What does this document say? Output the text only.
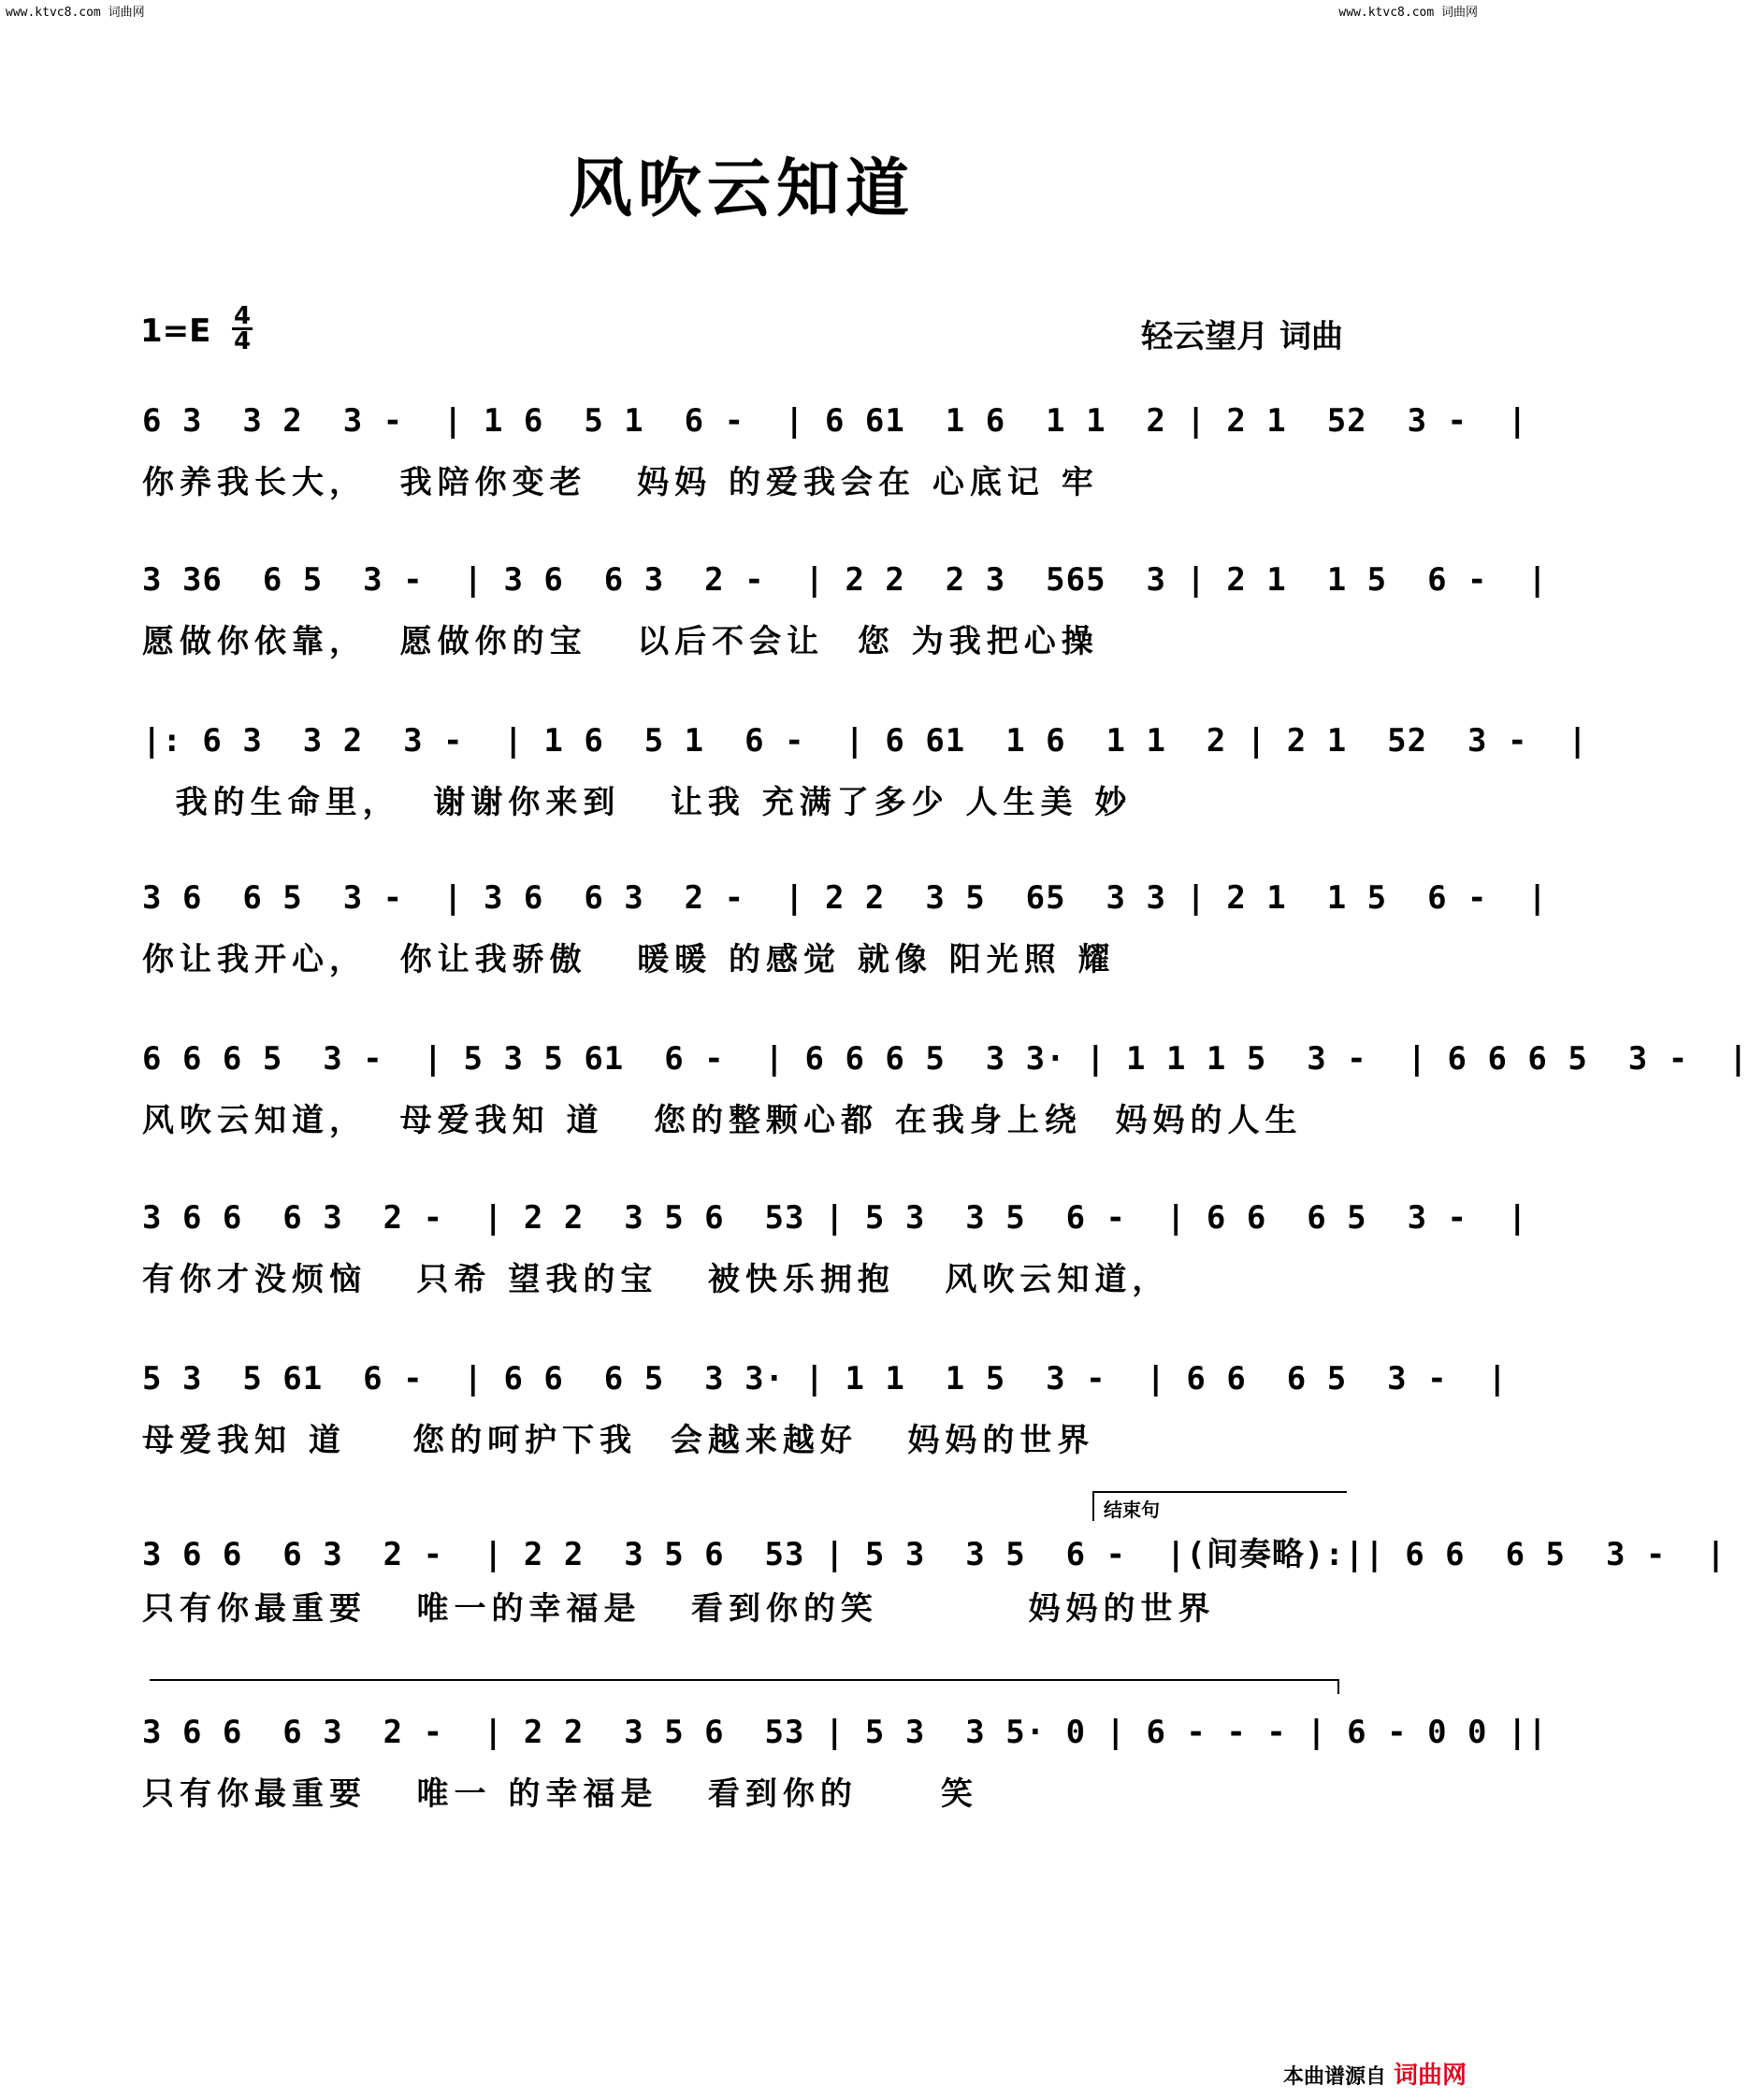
www.ktvc8.com 词曲网	www.ktvc8.com 词曲网
风吹云知道
$1=E \frac{4}{4}$	轻云望月 词曲
6 3  3 2  3 -  | 1 6  5 1  6 -  | 6 61  1 6  1 1  2 | 2 1  52  3 -  |
你养我长大，  我陪你变老   妈妈 的爱我会在 心底记 牢
3 36  6 5  3 -  | 3 6  6 3  2 -  | 2 2  2 3  565  3 | 2 1  1 5  6 -  |
愿做你依靠，  愿做你的宝   以后不会让  您 为我把心操
|: 6 3  3 2  3 -  | 1 6  5 1  6 -  | 6 61  1 6  1 1  2 | 2 1  52  3 -  |
我的生命里，  谢谢你来到   让我 充满了多少 人生美 妙
3 6  6 5  3 -  | 3 6  6 3  2 -  | 2 2  3 5  65  3 3 | 2 1  1 5  6 -  |
你让我开心，  你让我骄傲   暖暖 的感觉 就像 阳光照 耀
6 6 6 5  3 -  | 5 3 5 61  6 -  | 6 6 6 5  3 3· | 1 1 1 5  3 -  | 6 6 6 5  3 -  |
风吹云知道，  母爱我知 道   您的整颗心都 在我身上绕  妈妈的人生
3 6 6  6 3  2 -  | 2 2  3 5 6  53 | 5 3  3 5  6 -  | 6 6  6 5  3 -  |
有你才没烦恼   只希 望我的宝   被快乐拥抱   风吹云知道，
5 3  5 61  6 -  | 6 6  6 5  3 3· | 1 1  1 5  3 -  | 6 6  6 5  3 -  |
母爱我知 道    您的呵护下我  会越来越好   妈妈的世界
结束句
3 6 6  6 3  2 -  | 2 2  3 5 6  53 | 5 3  3 5  6 -  |(间奏略):|| 6 6  6 5  3 -  |
只有你最重要   唯一的幸福是   看到你的笑         妈妈的世界
3 6 6  6 3  2 -  | 2 2  3 5 6  53 | 5 3  3 5· 0 | 6 - - - | 6 - 0 0 ||
只有你最重要   唯一 的幸福是   看到你的     笑
本曲谱源自 词曲网
